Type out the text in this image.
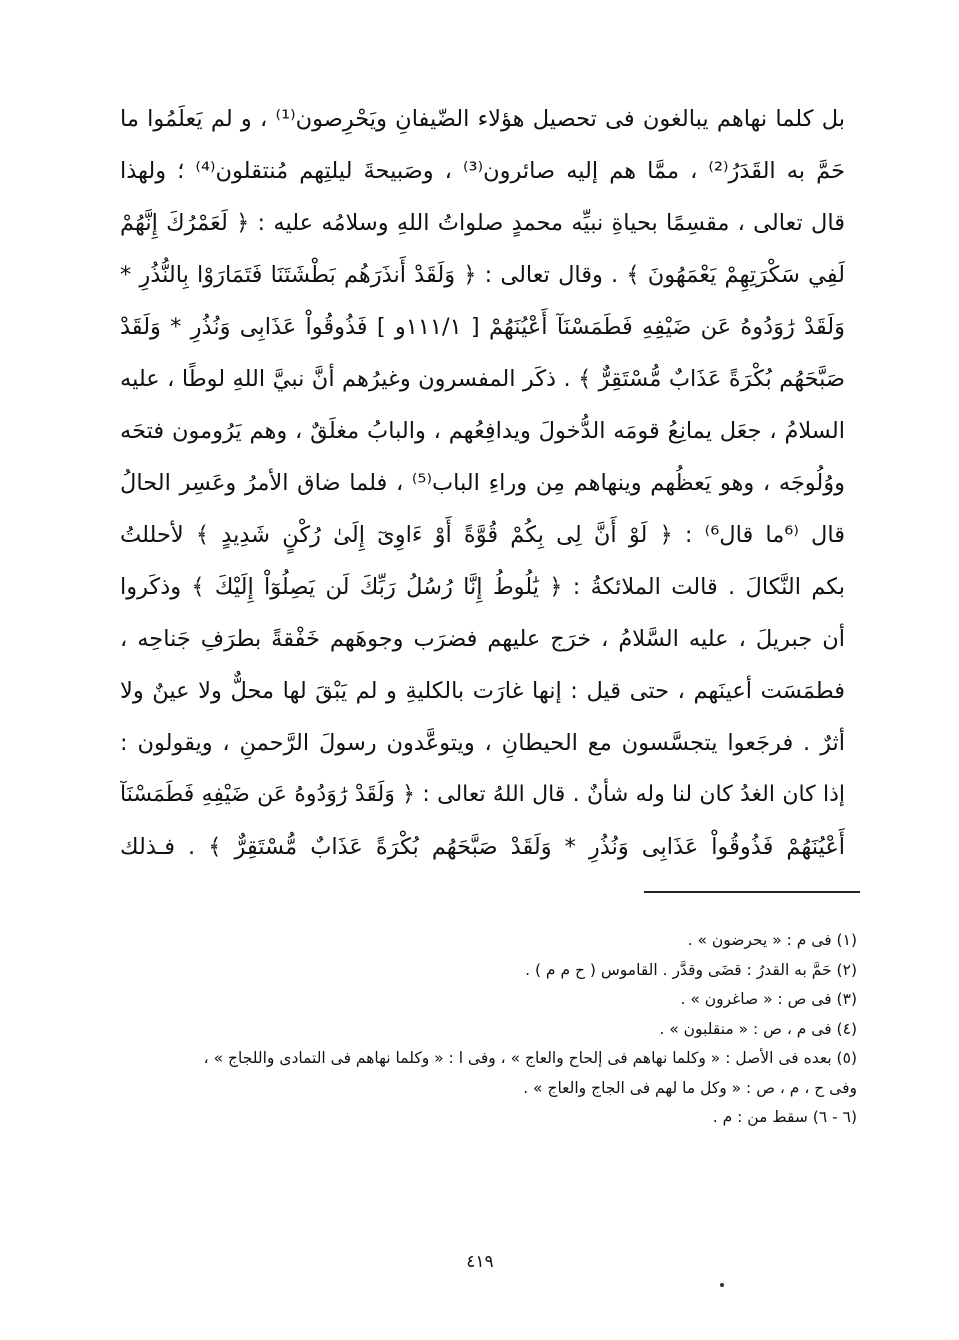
بل كلما نهاهم يبالغون فى تحصيل هؤلاء الضّيفانِ ويَحْرِصون⁽¹⁾ ، و لم يَعلَمُوا ما
حَمَّ به القَدَرُ⁽²⁾ ، ممَّا هم إليه صائرون⁽³⁾ ، وصَبيحةَ ليلتِهم مُنتقلون⁽⁴⁾ ؛ ولهذا
قال تعالى ، مقسِمًا بحياةِ نبيِّه محمدٍ صلواتُ اللهِ وسلامُه عليه : ﴿ لَعَمْرُكَ إِنَّهُمْ
لَفِي سَكْرَتِهِمْ يَعْمَهُونَ ﴾ . وقال تعالى : ﴿ وَلَقَدْ أَنذَرَهُم بَطْشَتَنَا فَتَمَارَوْا بِالنُّذُرِ *
وَلَقَدْ رَٰوَدُوهُ عَن ضَيْفِهِ فَطَمَسْنَآ أَعْيُنَهُمْ [ ١١١/١و ] فَذُوقُواْ عَذَابِى وَنُذُرِ * وَلَقَدْ
صَبَّحَهُم بُكْرَةً عَذَابٌ مُّسْتَقِرٌّ ﴾ . ذكَر المفسرون وغيرُهم أنَّ نبيَّ اللهِ لوطًا ، عليه
السلامُ ، جعَل يمانِعُ قومَه الدُّخولَ ويدافِعُهم ، والبابُ مغلَقٌ ، وهم يَرُومون فتحَه
ووُلُوجَه ، وهو يَعظُهم وينهاهم مِن وراءِ الباب⁽⁵⁾ ، فلما ضاق الأمرُ وعَسِر الحالُ
قال ⁽⁶ما قال⁶⁾ : ﴿ لَوْ أَنَّ لِى بِكُمْ قُوَّةً أَوْ ءَاوِىٓ إِلَىٰ رُكْنٍ شَدِيدٍ ﴾ لأحللتُ
بكم النَّكالَ . قالت الملائكةُ : ﴿ يَٰلُوطُ إِنَّا رُسُلُ رَبِّكَ لَن يَصِلُوٓاْ إِلَيْكَ ﴾ وذكَروا
أن جبريلَ ، عليه السَّلامُ ، خرَج عليهم فضرَب وجوهَهم خَفْقةً بطرَفِ جَناحِه ،
فطمَسَت أعينَهم ، حتى قيل : إنها غارَت بالكليةِ و لم يَبْقَ لها محلٌّ ولا عينٌ ولا
أثرٌ . فرجَعوا يتجسَّسون مع الحيطانِ ، ويتوعَّدون رسولَ الرَّحمنِ ، ويقولون :
إذا كان الغدُ كان لنا وله شأنٌ . قال اللهُ تعالى : ﴿ وَلَقَدْ رَٰوَدُوهُ عَن ضَيْفِهِ فَطَمَسْنَآ
أَعْيُنَهُمْ فَذُوقُواْ عَذَابِى وَنُذُرِ * وَلَقَدْ صَبَّحَهُم بُكْرَةً عَذَابٌ مُّسْتَقِرٌّ ﴾ . فـذلك
(١) فى م : « يحرضون » .
(٢) حَمَّ به القدرُ : قضَى وقدَّر . القاموس ( ح م م ) .
(٣) فى ص : « صاغرون » .
(٤) فى م ، ص : « منقلبون » .
(٥) بعده فى الأصل : « وكلما نهاهم فى إلحاح والعاج » ، وفى ا : « وكلما نهاهم فى التمادى واللجاج » ،
وفى ح ، م ، ص : « وكل ما لهم فى الجاج والعاج » .
(٦ - ٦) سقط من : م .
٤١٩
